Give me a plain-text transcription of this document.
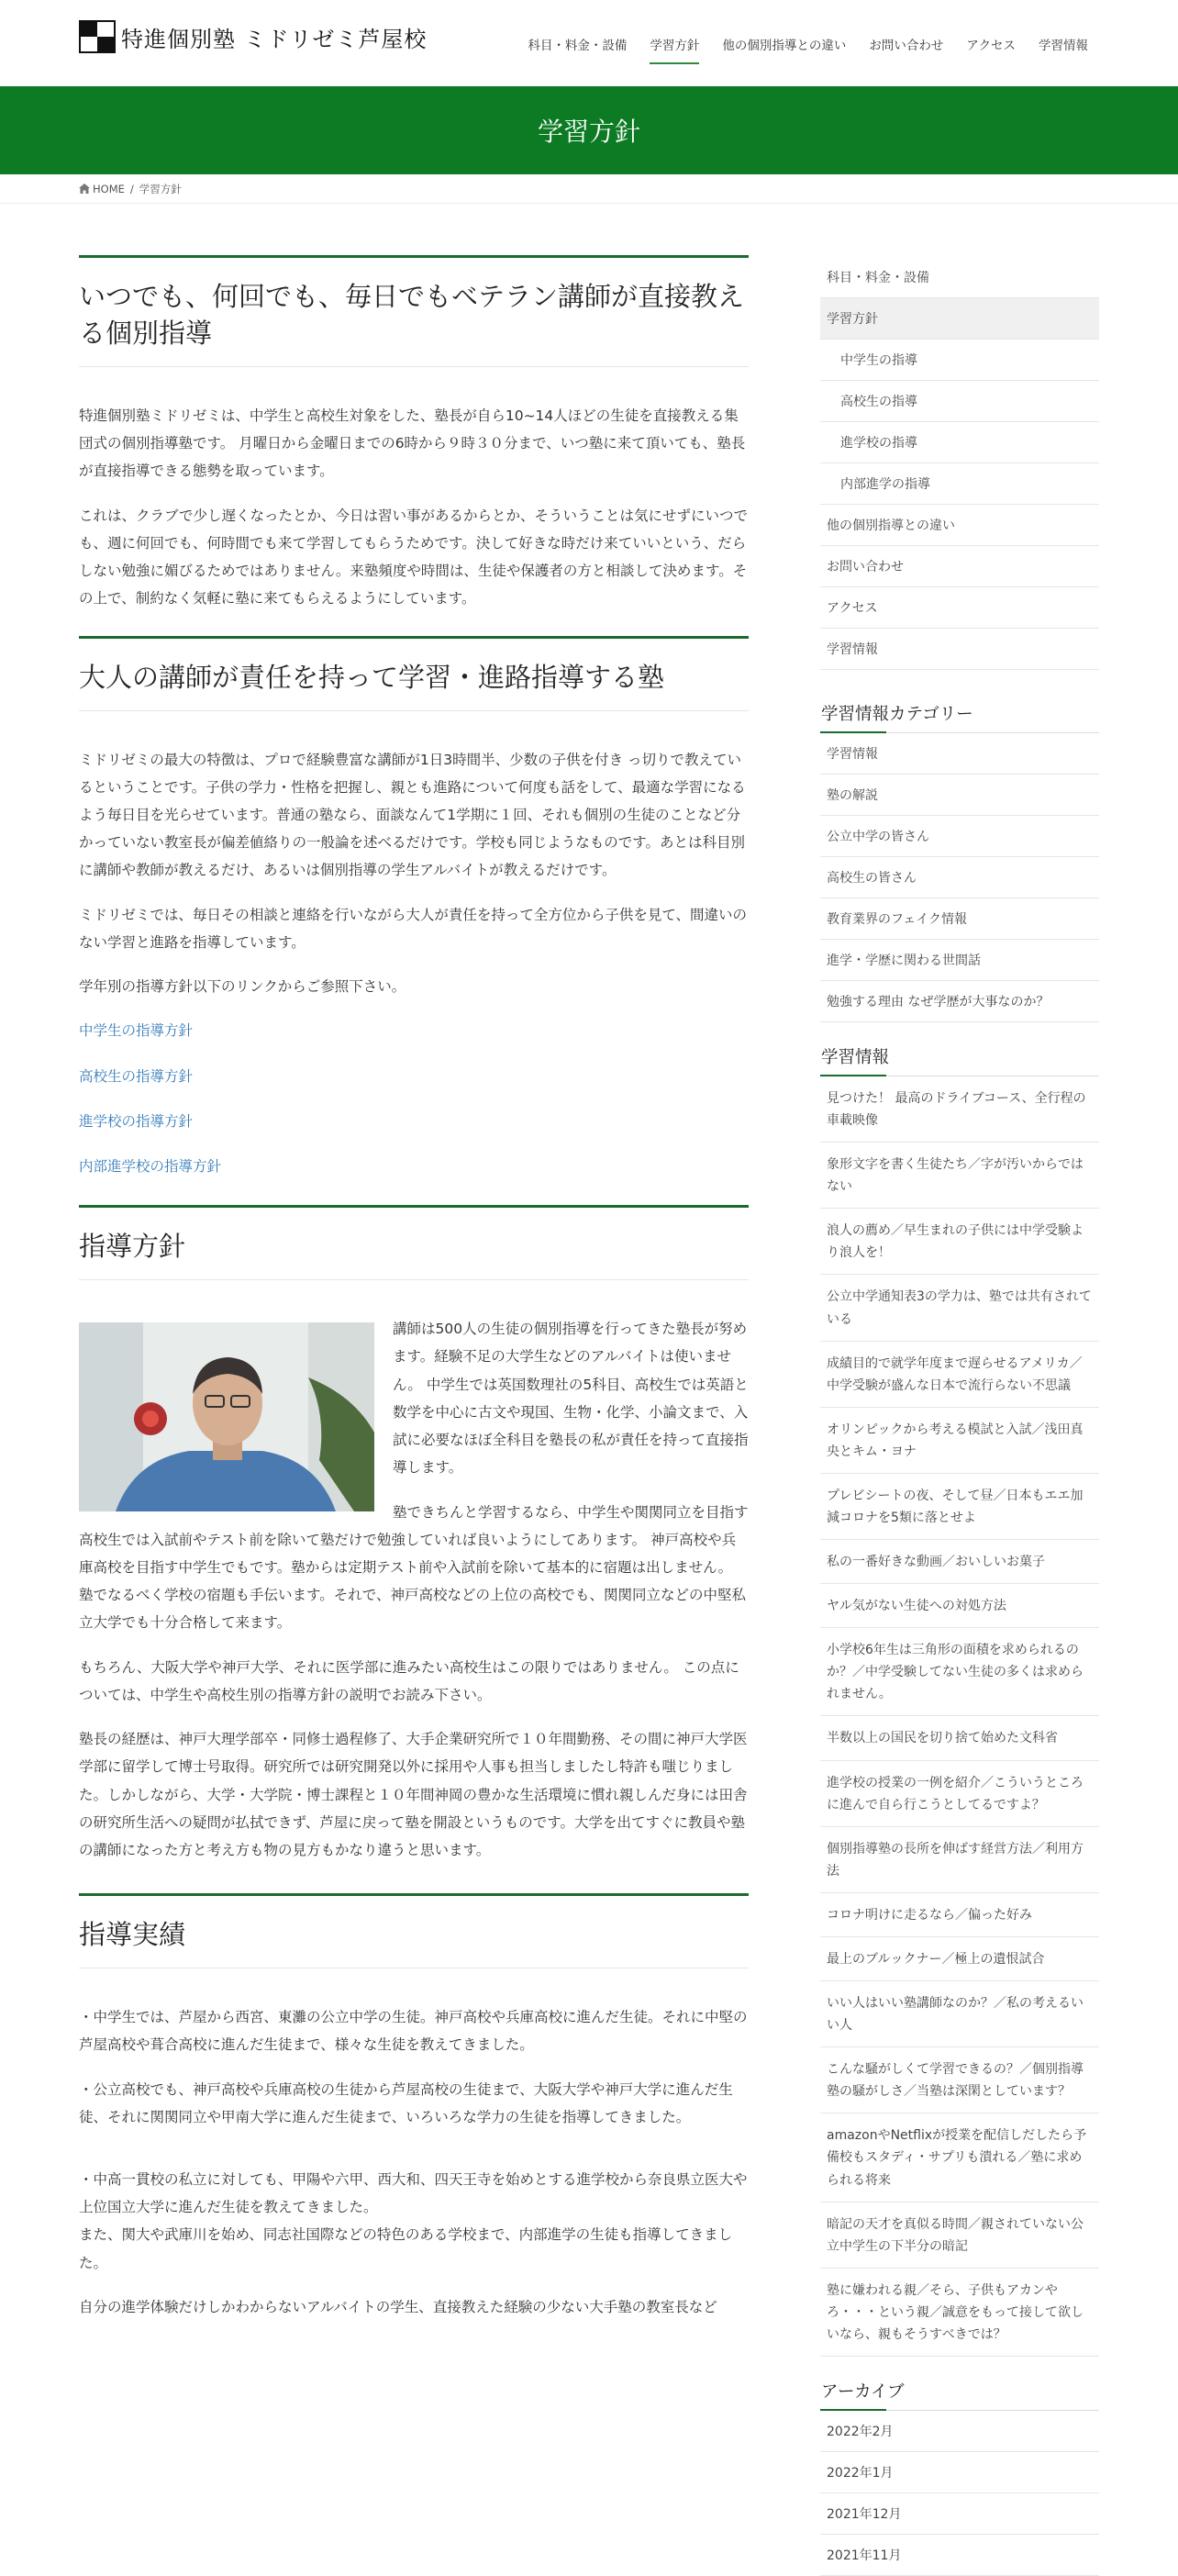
特進個別塾 ミドリゼミ芦屋校	科目・料金・設備 学習方針 他の個別指導との違い お問い合わせ アクセス 学習情報
学習方針
HOME / 学習方針
いつでも、何回でも、毎日でもベテラン講師が直接教える個別指導

特進個別塾ミドリゼミは、中学生と高校生対象をした、塾長が自ら10~14人ほどの生徒を直接教える集団式の個別指導塾です。 月曜日から金曜日までの6時から９時３０分まで、いつ塾に来て頂いても、塾長が直接指導できる態勢を取っています。

これは、クラブで少し遅くなったとか、今日は習い事があるからとか、そういうことは気にせずにいつでも、週に何回でも、何時間でも来て学習してもらうためです。決して好きな時だけ来ていいという、だらしない勉強に媚びるためではありません。来塾頻度や時間は、生徒や保護者の方と相談して決めます。その上で、制約なく気軽に塾に来てもらえるようにしています。

大人の講師が責任を持って学習・進路指導する塾

ミドリゼミの最大の特徴は、プロで経験豊富な講師が1日3時間半、少数の子供を付き っ切りで教えているということです。子供の学力・性格を把握し、親とも進路について何度も話をして、最適な学習になるよう毎日目を光らせています。普通の塾なら、面談なんて1学期に１回、それも個別の生徒のことなど分かっていない教室長が偏差値絡りの一般論を述べるだけです。学校も同じようなものです。あとは科目別に講師や教師が教えるだけ、あるいは個別指導の学生アルバイトが教えるだけです。

ミドリゼミでは、毎日その相談と連絡を行いながら大人が責任を持って全方位から子供を見て、間違いのない学習と進路を指導しています。

学年別の指導方針以下のリンクからご参照下さい。

中学生の指導方針
高校生の指導方針
進学校の指導方針
内部進学校の指導方針
指導方針

講師は500人の生徒の個別指導を行ってきた塾長が努めます。経験不足の大学生などのアルバイトは使いません。 中学生では英国数理社の5科目、高校生では英語と数学を中心に古文や現国、生物・化学、小論文まで、入試に必要なほぼ全科目を塾長の私が責任を持って直接指導します。

塾できちんと学習するなら、中学生や関関同立を目指す高校生では入試前やテスト前を除いて塾だけで勉強していれば良いようにしてあります。 神戸高校や兵庫高校を目指す中学生でもです。塾からは定期テスト前や入試前を除いて基本的に宿題は出しません。 塾でなるべく学校の宿題も手伝います。それで、神戸高校などの上位の高校でも、関関同立などの中堅私立大学でも十分合格して来ます。

もちろん、大阪大学や神戸大学、それに医学部に進みたい高校生はこの限りではありません。 この点については、中学生や高校生別の指導方針の説明でお読み下さい。

塾長の経歴は、神戸大理学部卒・同修士過程修了、大手企業研究所で１０年間勤務、その間に神戸大学医学部に留学して博士号取得。研究所では研究開発以外に採用や人事も担当しましたし特許も嗤じりました。しかしながら、大学・大学院・博士課程と１０年間神岡の豊かな生活環境に慣れ親しんだ身には田舎の研究所生活への疑問が払拭できず、芦屋に戻って塾を開設というものです。大学を出てすぐに教員や塾の講師になった方と考え方も物の見方もかなり違うと思います。

指導実績

・中学生では、芦屋から西宮、東灘の公立中学の生徒。神戸高校や兵庫高校に進んだ生徒。それに中堅の芦屋高校や葺合高校に進んだ生徒まで、様々な生徒を教えてきました。

・公立高校でも、神戸高校や兵庫高校の生徒から芦屋高校の生徒まで、大阪大学や神戸大学に進んだ生徒、それに関関同立や甲南大学に進んだ生徒まで、いろいろな学力の生徒を指導してきました。

・中高一貫校の私立に対しても、甲陽や六甲、西大和、四天王寺を始めとする進学校から奈良県立医大や上位国立大学に進んだ生徒を教えてきました。

また、関大や武庫川を始め、同志社国際などの特色のある学校まで、内部進学の生徒も指導してきました。

自分の進学体験だけしかわからないアルバイトの学生、直接教えた経験の少ない大手塾の教室長など

科目・料金・設備
学習方針
中学生の指導
高校生の指導
進学校の指導
内部進学の指導
他の個別指導との違い
お問い合わせ
アクセス
学習情報
学習情報カテゴリー
学習情報
塾の解説
公立中学の皆さん
高校生の皆さん
教育業界のフェイク情報
進学・学歴に関わる世間話
勉強する理由 なぜ学歴が大事なのか？
学習情報
見つけた！ 最高のドライブコース、全行程の車載映像
象形文字を書く生徒たち／字が汚いからではない
浪人の薦め／早生まれの子供には中学受験より浪人を！
公立中学通知表3の学力は、塾では共有されている
成績目的で就学年度まで遅らせるアメリカ／中学受験が盛んな日本で流行らない不思議
オリンピックから考える模試と入試／浅田真央とキム・ヨナ
プレビシートの夜、そして昼／日本もエエ加減コロナを5類に落とせよ
私の一番好きな動画／おいしいお菓子
ヤル気がない生徒への対処方法
小学校6年生は三角形の面積を求められるのか？／中学受験してない生徒の多くは求められません。
半数以上の国民を切り捨て始めた文科省
進学校の授業の一例を紹介／こういうところに進んで自ら行こうとしてるですよ？
個別指導塾の長所を伸ばす経営方法／利用方法
コロナ明けに走るなら／偏った好み
最上のブルックナー／極上の遺恨試合
いい人はいい塾講師なのか？／私の考えるいい人
こんな騒がしくて学習できるの？／個別指導塾の騒がしさ／当塾は深閑としています？
amazonやNetflixが授業を配信しだしたら予備校もスタディ・サプリも潰れる／塾に求められる将来
暗記の天才を真似る時間／親されていない公立中学生の下半分の暗記
塾に嫌われる親／そら、子供もアカンやろ・・・という親／誠意をもって接して欲しいなら、親もそうすべきでは？
アーカイブ
2022年2月
2022年1月
2021年12月
2021年11月
